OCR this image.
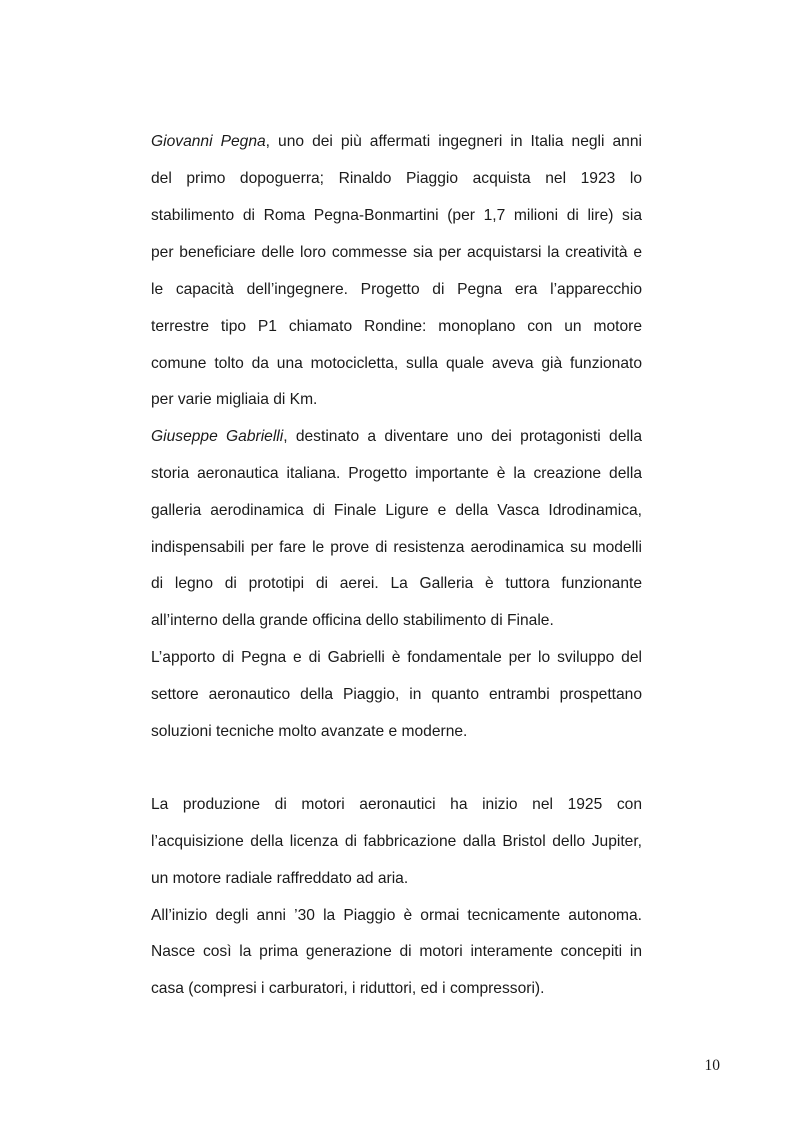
Giovanni Pegna, uno dei più affermati ingegneri in Italia negli anni
del primo dopoguerra; Rinaldo Piaggio acquista nel 1923 lo
stabilimento di Roma Pegna-Bonmartini (per 1,7 milioni di lire) sia
per beneficiare delle loro commesse sia per acquistarsi la creatività e
le capacità dell’ingegnere. Progetto di Pegna era l’apparecchio
terrestre tipo P1 chiamato Rondine: monoplano con un motore
comune tolto da una motocicletta, sulla quale aveva già funzionato
per varie migliaia di Km.
Giuseppe Gabrielli, destinato a diventare uno dei protagonisti della
storia aeronautica italiana. Progetto importante è la creazione della
galleria aerodinamica di Finale Ligure e della Vasca Idrodinamica,
indispensabili per fare le prove di resistenza aerodinamica su modelli
di legno di prototipi di aerei. La Galleria è tuttora funzionante
all’interno della grande officina dello stabilimento di Finale.
L’apporto di Pegna e di Gabrielli è fondamentale per lo sviluppo del
settore aeronautico della Piaggio, in quanto entrambi prospettano
soluzioni tecniche molto avanzate e moderne.
La produzione di motori aeronautici ha inizio nel 1925 con
l’acquisizione della licenza di fabbricazione dalla Bristol dello Jupiter,
un motore radiale raffreddato ad aria.
All’inizio degli anni ’30 la Piaggio è ormai tecnicamente autonoma.
Nasce così la prima generazione di motori interamente concepiti in
casa (compresi i carburatori, i riduttori, ed i compressori).
10
